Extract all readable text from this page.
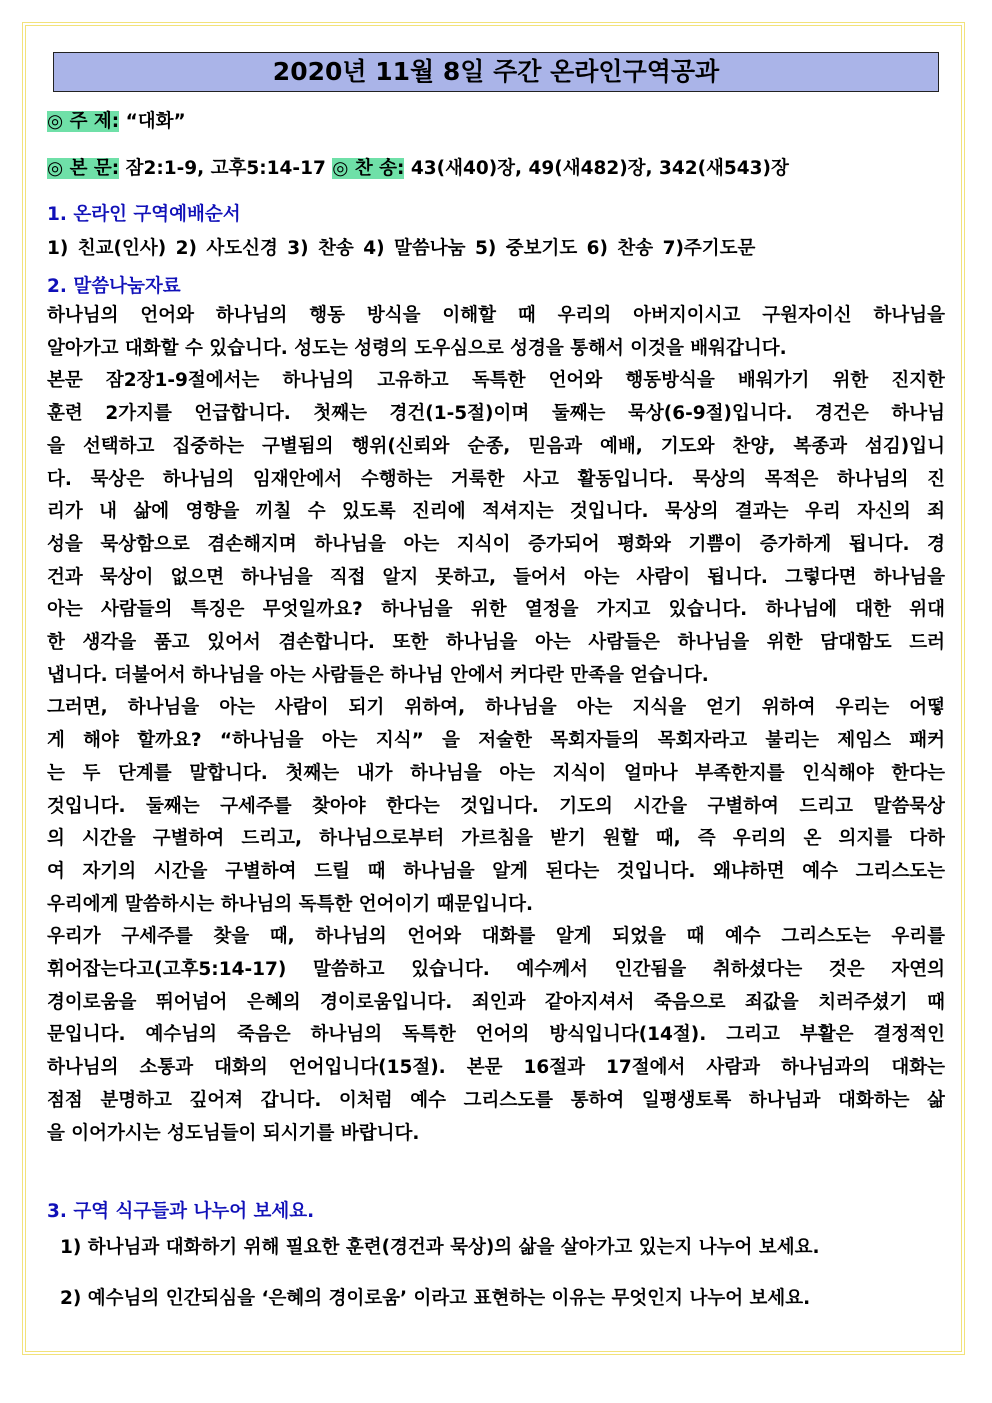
2020년 11월 8일 주간 온라인구역공과
◎ 주 제: “대화”
◎ 본 문: 잠2:1-9, 고후5:14-17 ◎ 찬 송: 43(새40)장, 49(새482)장, 342(새543)장
1. 온라인 구역예배순서
1) 친교(인사) 2) 사도신경 3) 찬송 4) 말씀나눔 5) 중보기도 6) 찬송 7)주기도문
2. 말씀나눔자료
하나님의 언어와 하나님의 행동 방식을 이해할 때 우리의 아버지이시고 구원자이신 하나님을
알아가고 대화할 수 있습니다. 성도는 성령의 도우심으로 성경을 통해서 이것을 배워갑니다.
본문 잠2장1-9절에서는 하나님의 고유하고 독특한 언어와 행동방식을 배워가기 위한 진지한
훈련 2가지를 언급합니다. 첫째는 경건(1-5절)이며 둘째는 묵상(6-9절)입니다. 경건은 하나님
을 선택하고 집중하는 구별됨의 행위(신뢰와 순종, 믿음과 예배, 기도와 찬양, 복종과 섬김)입니
다. 묵상은 하나님의 임재안에서 수행하는 거룩한 사고 활동입니다. 묵상의 목적은 하나님의 진
리가 내 삶에 영향을 끼칠 수 있도록 진리에 적셔지는 것입니다. 묵상의 결과는 우리 자신의 죄
성을 묵상함으로 겸손해지며 하나님을 아는 지식이 증가되어 평화와 기쁨이 증가하게 됩니다. 경
건과 묵상이 없으면 하나님을 직접 알지 못하고, 들어서 아는 사람이 됩니다. 그렇다면 하나님을
아는 사람들의 특징은 무엇일까요? 하나님을 위한 열정을 가지고 있습니다. 하나님에 대한 위대
한 생각을 품고 있어서 겸손합니다. 또한 하나님을 아는 사람들은 하나님을 위한 담대함도 드러
냅니다. 더불어서 하나님을 아는 사람들은 하나님 안에서 커다란 만족을 얻습니다.
그러면, 하나님을 아는 사람이 되기 위하여, 하나님을 아는 지식을 얻기 위하여 우리는 어떻
게 해야 할까요? “하나님을 아는 지식” 을 저술한 목회자들의 목회자라고 불리는 제임스 패커
는 두 단계를 말합니다. 첫째는 내가 하나님을 아는 지식이 얼마나 부족한지를 인식해야 한다는
것입니다. 둘째는 구세주를 찾아야 한다는 것입니다. 기도의 시간을 구별하여 드리고 말씀묵상
의 시간을 구별하여 드리고, 하나님으로부터 가르침을 받기 원할 때, 즉 우리의 온 의지를 다하
여 자기의 시간을 구별하여 드릴 때 하나님을 알게 된다는 것입니다. 왜냐하면 예수 그리스도는
우리에게 말씀하시는 하나님의 독특한 언어이기 때문입니다.
우리가 구세주를 찾을 때, 하나님의 언어와 대화를 알게 되었을 때 예수 그리스도는 우리를
휘어잡는다고(고후5:14-17) 말씀하고 있습니다. 예수께서 인간됨을 취하셨다는 것은 자연의
경이로움을 뛰어넘어 은혜의 경이로움입니다. 죄인과 같아지셔서 죽음으로 죄값을 치러주셨기 때
문입니다. 예수님의 죽음은 하나님의 독특한 언어의 방식입니다(14절). 그리고 부활은 결정적인
하나님의 소통과 대화의 언어입니다(15절). 본문 16절과 17절에서 사람과 하나님과의 대화는
점점 분명하고 깊어져 갑니다. 이처럼 예수 그리스도를 통하여 일평생토록 하나님과 대화하는 삶
을 이어가시는 성도님들이 되시기를 바랍니다.
3. 구역 식구들과 나누어 보세요.
1) 하나님과 대화하기 위해 필요한 훈련(경건과 묵상)의 삶을 살아가고 있는지 나누어 보세요.
2) 예수님의 인간되심을 ‘은혜의 경이로움’ 이라고 표현하는 이유는 무엇인지 나누어 보세요.
